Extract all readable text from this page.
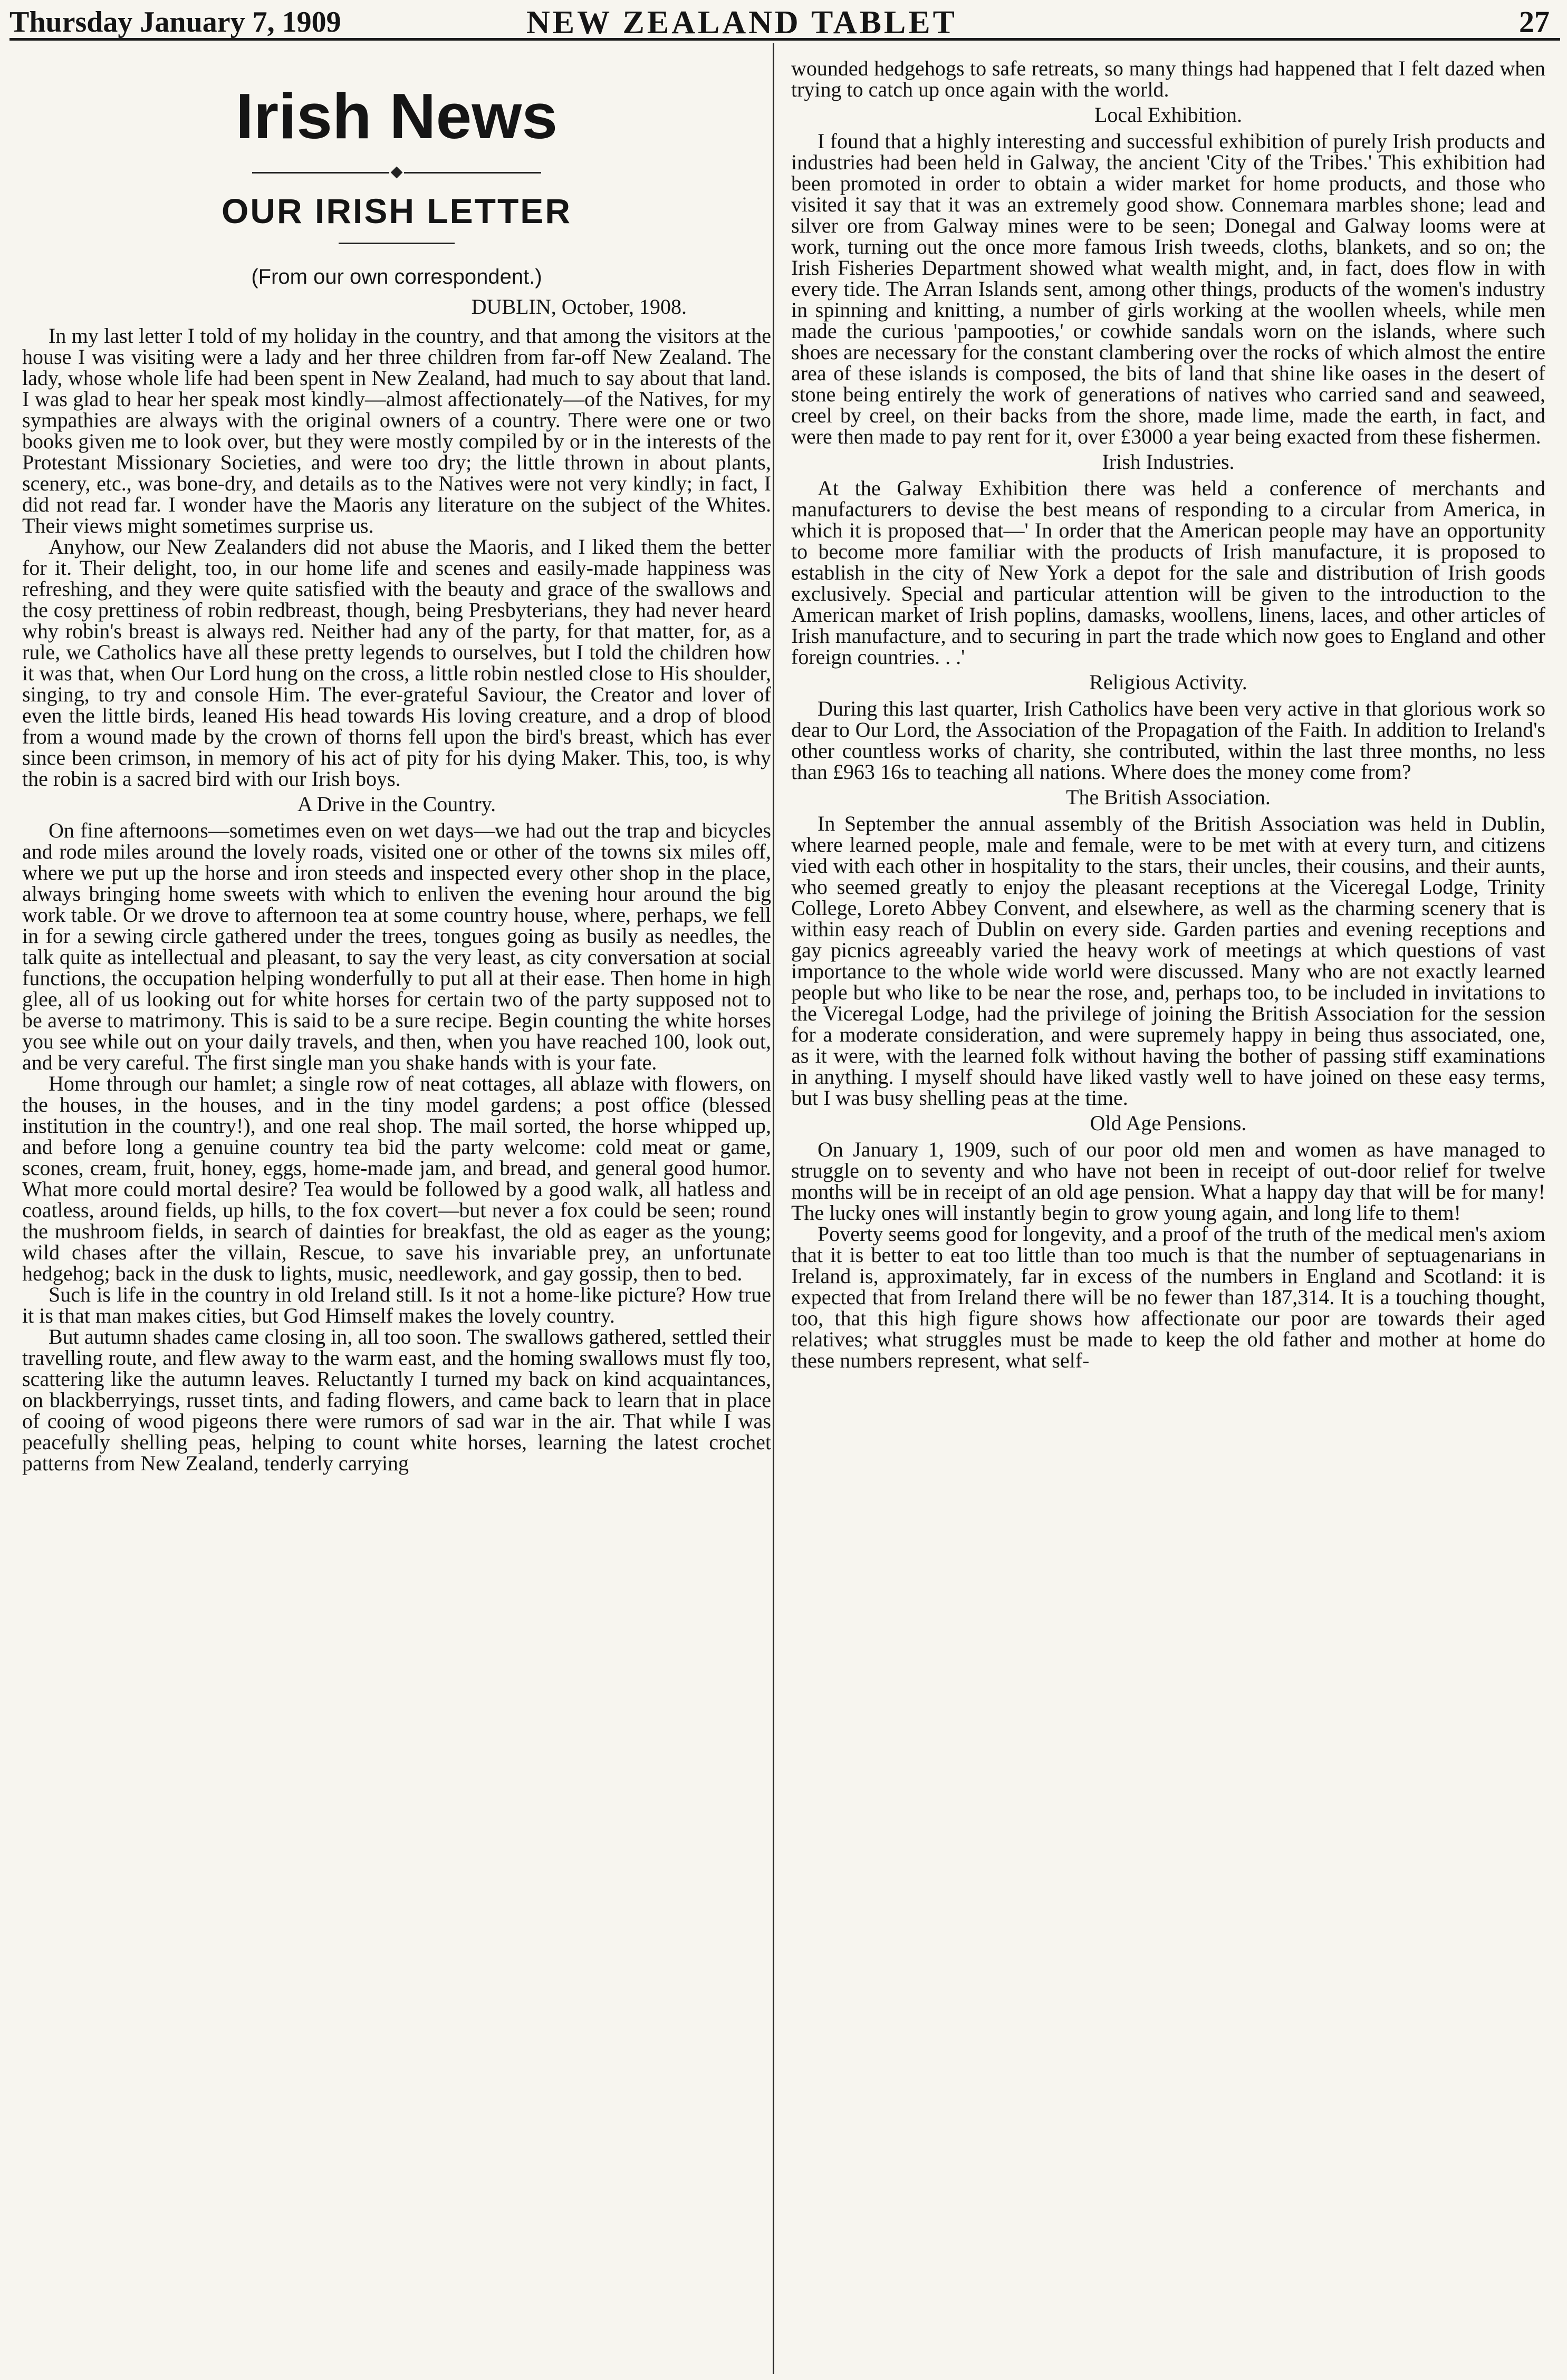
Thursday January 7, 1909	NEW ZEALAND TABLET	27
Irish News
OUR IRISH LETTER
(From our own correspondent.)
DUBLIN, October, 1908.

In my last letter I told of my holiday in the country, and that among the visitors at the house I was visiting were a lady and her three children from far-off New Zealand. The lady, whose whole life had been spent in New Zealand, had much to say about that land. I was glad to hear her speak most kindly—almost affectionately—of the Natives, for my sympathies are always with the original owners of a country. There were one or two books given me to look over, but they were mostly compiled by or in the interests of the Protestant Missionary Societies, and were too dry; the little thrown in about plants, scenery, etc., was bone-dry, and details as to the Natives were not very kindly; in fact, I did not read far. I wonder have the Maoris any literature on the subject of the Whites. Their views might sometimes surprise us.

Anyhow, our New Zealanders did not abuse the Maoris, and I liked them the better for it. Their delight, too, in our home life and scenes and easily-made happiness was refreshing, and they were quite satisfied with the beauty and grace of the swallows and the cosy prettiness of robin redbreast, though, being Presbyterians, they had never heard why robin's breast is always red. Neither had any of the party, for that matter, for, as a rule, we Catholics have all these pretty legends to ourselves, but I told the children how it was that, when Our Lord hung on the cross, a little robin nestled close to His shoulder, singing, to try and console Him. The ever-grateful Saviour, the Creator and lover of even the little birds, leaned His head towards His loving creature, and a drop of blood from a wound made by the crown of thorns fell upon the bird's breast, which has ever since been crimson, in memory of his act of pity for his dying Maker. This, too, is why the robin is a sacred bird with our Irish boys.

A Drive in the Country.

On fine afternoons—sometimes even on wet days—we had out the trap and bicycles and rode miles around the lovely roads, visited one or other of the towns six miles off, where we put up the horse and iron steeds and inspected every other shop in the place, always bringing home sweets with which to enliven the evening hour around the big work table. Or we drove to afternoon tea at some country house, where, perhaps, we fell in for a sewing circle gathered under the trees, tongues going as busily as needles, the talk quite as intellectual and pleasant, to say the very least, as city conversation at social functions, the occupation helping wonderfully to put all at their ease. Then home in high glee, all of us looking out for white horses for certain two of the party supposed not to be averse to matrimony. This is said to be a sure recipe. Begin counting the white horses you see while out on your daily travels, and then, when you have reached 100, look out, and be very careful. The first single man you shake hands with is your fate.

Home through our hamlet; a single row of neat cottages, all ablaze with flowers, on the houses, in the houses, and in the tiny model gardens; a post office (blessed institution in the country!), and one real shop. The mail sorted, the horse whipped up, and before long a genuine country tea bid the party welcome: cold meat or game, scones, cream, fruit, honey, eggs, home-made jam, and bread, and general good humor. What more could mortal desire? Tea would be followed by a good walk, all hatless and coatless, around fields, up hills, to the fox covert—but never a fox could be seen; round the mushroom fields, in search of dainties for breakfast, the old as eager as the young; wild chases after the villain, Rescue, to save his invariable prey, an unfortunate hedgehog; back in the dusk to lights, music, needlework, and gay gossip, then to bed.

Such is life in the country in old Ireland still. Is it not a home-like picture? How true it is that man makes cities, but God Himself makes the lovely country.

But autumn shades came closing in, all too soon. The swallows gathered, settled their travelling route, and flew away to the warm east, and the homing swallows must fly too, scattering like the autumn leaves. Reluctantly I turned my back on kind acquaintances, on blackberryings, russet tints, and fading flowers, and came back to learn that in place of cooing of wood pigeons there were rumors of sad war in the air. That while I was peacefully shelling peas, helping to count white horses, learning the latest crochet patterns from New Zealand, tenderly carrying

wounded hedgehogs to safe retreats, so many things had happened that I felt dazed when trying to catch up once again with the world.

Local Exhibition.

I found that a highly interesting and successful exhibition of purely Irish products and industries had been held in Galway, the ancient 'City of the Tribes.' This exhibition had been promoted in order to obtain a wider market for home products, and those who visited it say that it was an extremely good show. Connemara marbles shone; lead and silver ore from Galway mines were to be seen; Donegal and Galway looms were at work, turning out the once more famous Irish tweeds, cloths, blankets, and so on; the Irish Fisheries Department showed what wealth might, and, in fact, does flow in with every tide. The Arran Islands sent, among other things, products of the women's industry in spinning and knitting, a number of girls working at the woollen wheels, while men made the curious 'pampooties,' or cowhide sandals worn on the islands, where such shoes are necessary for the constant clambering over the rocks of which almost the entire area of these islands is composed, the bits of land that shine like oases in the desert of stone being entirely the work of generations of natives who carried sand and seaweed, creel by creel, on their backs from the shore, made lime, made the earth, in fact, and were then made to pay rent for it, over £3000 a year being exacted from these fishermen.

Irish Industries.

At the Galway Exhibition there was held a conference of merchants and manufacturers to devise the best means of responding to a circular from America, in which it is proposed that—' In order that the American people may have an opportunity to become more familiar with the products of Irish manufacture, it is proposed to establish in the city of New York a depot for the sale and distribution of Irish goods exclusively. Special and particular attention will be given to the introduction to the American market of Irish poplins, damasks, woollens, linens, laces, and other articles of Irish manufacture, and to securing in part the trade which now goes to England and other foreign countries. . .'

Religious Activity.

During this last quarter, Irish Catholics have been very active in that glorious work so dear to Our Lord, the Association of the Propagation of the Faith. In addition to Ireland's other countless works of charity, she contributed, within the last three months, no less than £963 16s to teaching all nations. Where does the money come from?

The British Association.

In September the annual assembly of the British Association was held in Dublin, where learned people, male and female, were to be met with at every turn, and citizens vied with each other in hospitality to the stars, their uncles, their cousins, and their aunts, who seemed greatly to enjoy the pleasant receptions at the Viceregal Lodge, Trinity College, Loreto Abbey Convent, and elsewhere, as well as the charming scenery that is within easy reach of Dublin on every side. Garden parties and evening receptions and gay picnics agreeably varied the heavy work of meetings at which questions of vast importance to the whole wide world were discussed. Many who are not exactly learned people but who like to be near the rose, and, perhaps too, to be included in invitations to the Viceregal Lodge, had the privilege of joining the British Association for the session for a moderate consideration, and were supremely happy in being thus associated, one, as it were, with the learned folk without having the bother of passing stiff examinations in anything. I myself should have liked vastly well to have joined on these easy terms, but I was busy shelling peas at the time.

Old Age Pensions.

On January 1, 1909, such of our poor old men and women as have managed to struggle on to seventy and who have not been in receipt of out-door relief for twelve months will be in receipt of an old age pension. What a happy day that will be for many! The lucky ones will instantly begin to grow young again, and long life to them!

Poverty seems good for longevity, and a proof of the truth of the medical men's axiom that it is better to eat too little than too much is that the number of septuagenarians in Ireland is, approximately, far in excess of the numbers in England and Scotland: it is expected that from Ireland there will be no fewer than 187,314. It is a touching thought, too, that this high figure shows how affectionate our poor are towards their aged relatives; what struggles must be made to keep the old father and mother at home do these numbers represent, what self-
